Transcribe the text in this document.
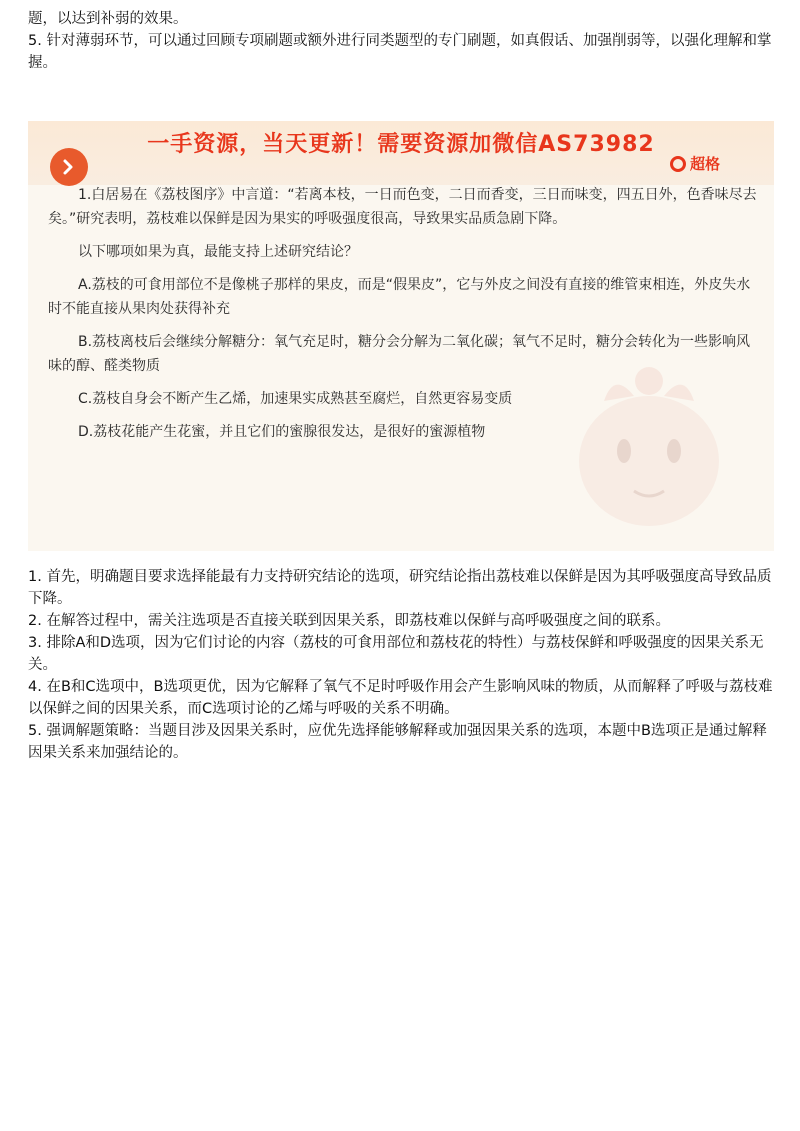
题，以达到补弱的效果。
5. 针对薄弱环节，可以通过回顾专项刷题或额外进行同类题型的专门刷题，如真假话、加强削弱等，以强化理解和掌握。
一手资源，当天更新！需要资源加微信AS73982
超格

1.白居易在《荔枝图序》中言道：“若离本枝，一日而色变，二日而香变，三日而味变，四五日外，色香味尽去矣。”研究表明，荔枝难以保鲜是因为果实的呼吸强度很高，导致果实品质急剧下降。

以下哪项如果为真，最能支持上述研究结论？

A.荔枝的可食用部位不是像桃子那样的果皮，而是“假果皮”，它与外皮之间没有直接的维管束相连，外皮失水时不能直接从果肉处获得补充

B.荔枝离枝后会继续分解糖分：氧气充足时，糖分会分解为二氧化碳；氧气不足时，糖分会转化为一些影响风味的醇、醛类物质

C.荔枝自身会不断产生乙烯，加速果实成熟甚至腐烂，自然更容易变质

D.荔枝花能产生花蜜，并且它们的蜜腺很发达，是很好的蜜源植物

1. 首先，明确题目要求选择能最有力支持研究结论的选项，研究结论指出荔枝难以保鲜是因为其呼吸强度高导致品质下降。
2. 在解答过程中，需关注选项是否直接关联到因果关系，即荔枝难以保鲜与高呼吸强度之间的联系。
3. 排除A和D选项，因为它们讨论的内容（荔枝的可食用部位和荔枝花的特性）与荔枝保鲜和呼吸强度的因果关系无关。
4. 在B和C选项中，B选项更优，因为它解释了氧气不足时呼吸作用会产生影响风味的物质，从而解释了呼吸与荔枝难以保鲜之间的因果关系，而C选项讨论的乙烯与呼吸的关系不明确。
5. 强调解题策略：当题目涉及因果关系时，应优先选择能够解释或加强因果关系的选项，本题中B选项正是通过解释因果关系来加强结论的。
